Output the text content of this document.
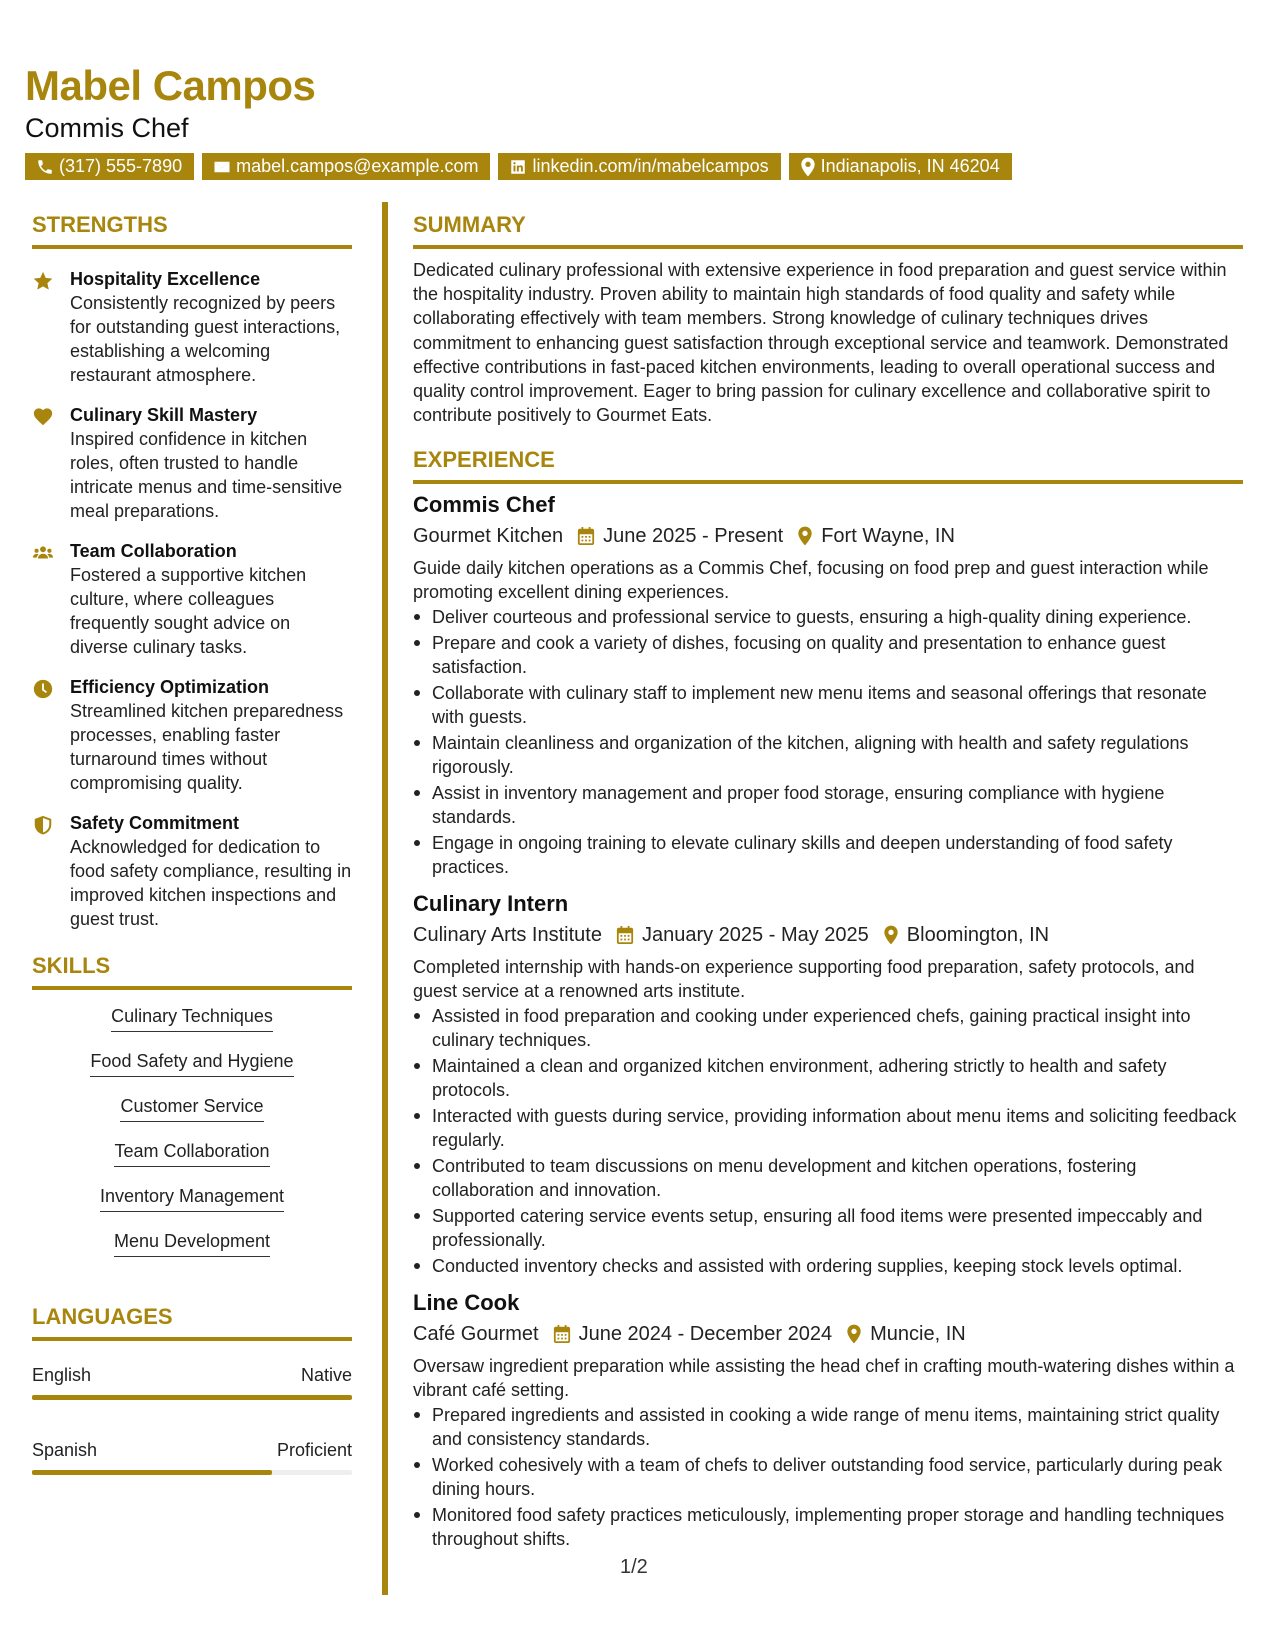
Mabel Campos
Commis Chef
(317) 555-7890	mabel.campos@example.com	linkedin.com/in/mabelcampos	Indianapolis, IN 46204
STRENGTHS
Hospitality Excellence
Consistently recognized by peers for outstanding guest interactions, establishing a welcoming restaurant atmosphere.
Culinary Skill Mastery
Inspired confidence in kitchen roles, often trusted to handle intricate menus and time-sensitive meal preparations.
Team Collaboration
Fostered a supportive kitchen culture, where colleagues frequently sought advice on diverse culinary tasks.
Efficiency Optimization
Streamlined kitchen preparedness processes, enabling faster turnaround times without compromising quality.
Safety Commitment
Acknowledged for dedication to food safety compliance, resulting in improved kitchen inspections and guest trust.
SKILLS
Culinary Techniques
Food Safety and Hygiene
Customer Service
Team Collaboration
Inventory Management
Menu Development
LANGUAGES
English	Native
Spanish	Proficient
SUMMARY
Dedicated culinary professional with extensive experience in food preparation and guest service within the hospitality industry. Proven ability to maintain high standards of food quality and safety while collaborating effectively with team members. Strong knowledge of culinary techniques drives commitment to enhancing guest satisfaction through exceptional service and teamwork. Demonstrated effective contributions in fast-paced kitchen environments, leading to overall operational success and quality control improvement. Eager to bring passion for culinary excellence and collaborative spirit to contribute positively to Gourmet Eats.
EXPERIENCE
Commis Chef
Gourmet Kitchen June 2025 - Present Fort Wayne, IN
Guide daily kitchen operations as a Commis Chef, focusing on food prep and guest interaction while promoting excellent dining experiences.
Deliver courteous and professional service to guests, ensuring a high-quality dining experience.
Prepare and cook a variety of dishes, focusing on quality and presentation to enhance guest satisfaction.
Collaborate with culinary staff to implement new menu items and seasonal offerings that resonate with guests.
Maintain cleanliness and organization of the kitchen, aligning with health and safety regulations rigorously.
Assist in inventory management and proper food storage, ensuring compliance with hygiene standards.
Engage in ongoing training to elevate culinary skills and deepen understanding of food safety practices.
Culinary Intern
Culinary Arts Institute January 2025 - May 2025 Bloomington, IN
Completed internship with hands-on experience supporting food preparation, safety protocols, and guest service at a renowned arts institute.
Assisted in food preparation and cooking under experienced chefs, gaining practical insight into culinary techniques.
Maintained a clean and organized kitchen environment, adhering strictly to health and safety protocols.
Interacted with guests during service, providing information about menu items and soliciting feedback regularly.
Contributed to team discussions on menu development and kitchen operations, fostering collaboration and innovation.
Supported catering service events setup, ensuring all food items were presented impeccably and professionally.
Conducted inventory checks and assisted with ordering supplies, keeping stock levels optimal.
Line Cook
Café Gourmet June 2024 - December 2024 Muncie, IN
Oversaw ingredient preparation while assisting the head chef in crafting mouth-watering dishes within a vibrant café setting.
Prepared ingredients and assisted in cooking a wide range of menu items, maintaining strict quality and consistency standards.
Worked cohesively with a team of chefs to deliver outstanding food service, particularly during peak dining hours.
Monitored food safety practices meticulously, implementing proper storage and handling techniques throughout shifts.
1/2
